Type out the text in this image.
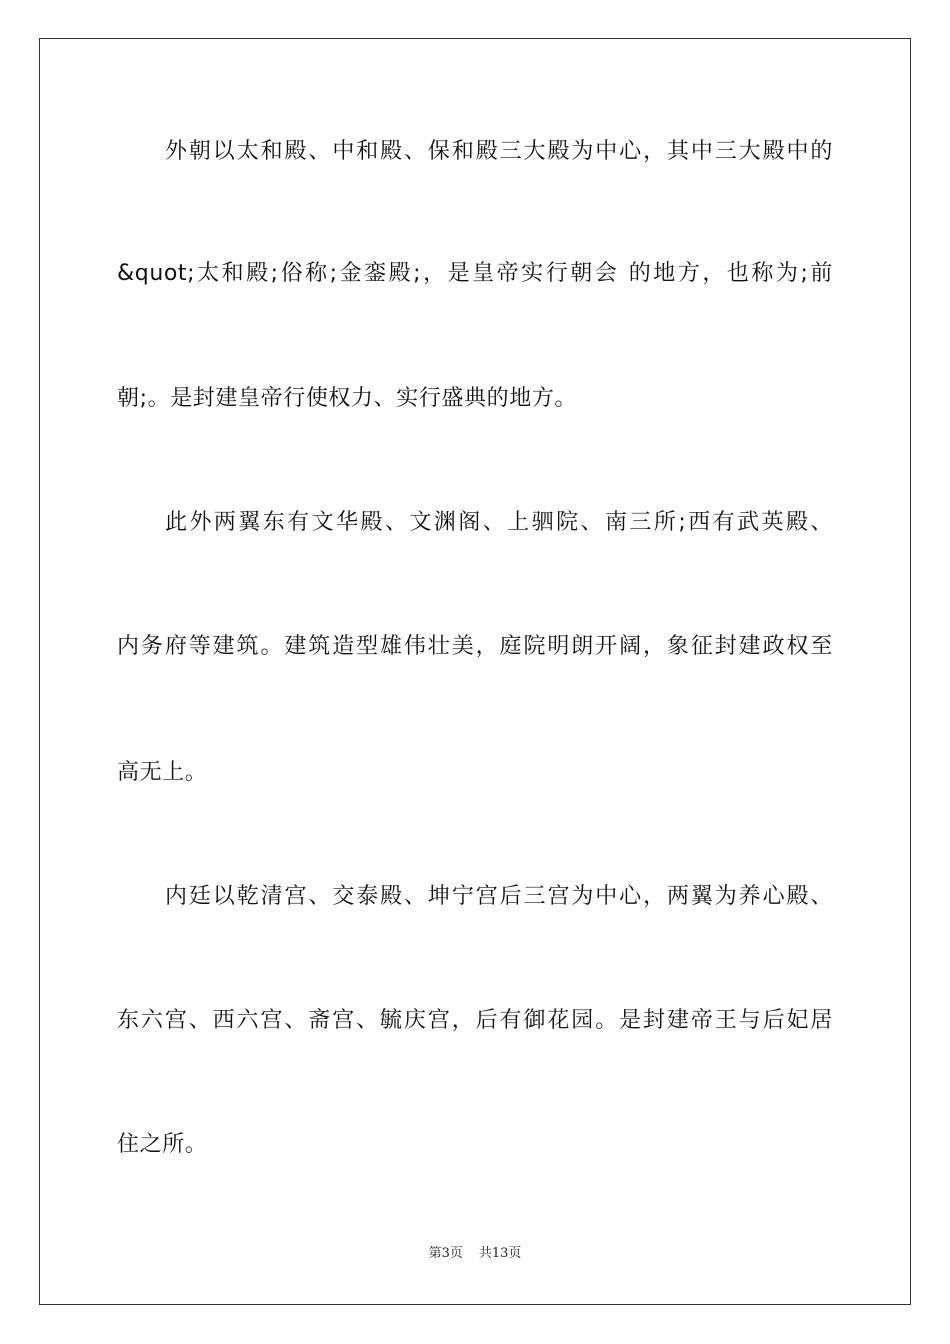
外朝以太和殿、中和殿、保和殿三大殿为中心，其中三大殿中的
&quot;太和殿;俗称;金銮殿;，是皇帝实行朝会 的地方，也称为;前
朝;。是封建皇帝行使权力、实行盛典的地方。
此外两翼东有文华殿、文渊阁、上驷院、南三所;西有武英殿、
内务府等建筑。建筑造型雄伟壮美，庭院明朗开阔，象征封建政权至
高无上。
内廷以乾清宫、交泰殿、坤宁宫后三宫为中心，两翼为养心殿、
东六宫、西六宫、斋宫、毓庆宫，后有御花园。是封建帝王与后妃居
住之所。
第3页 共13页
